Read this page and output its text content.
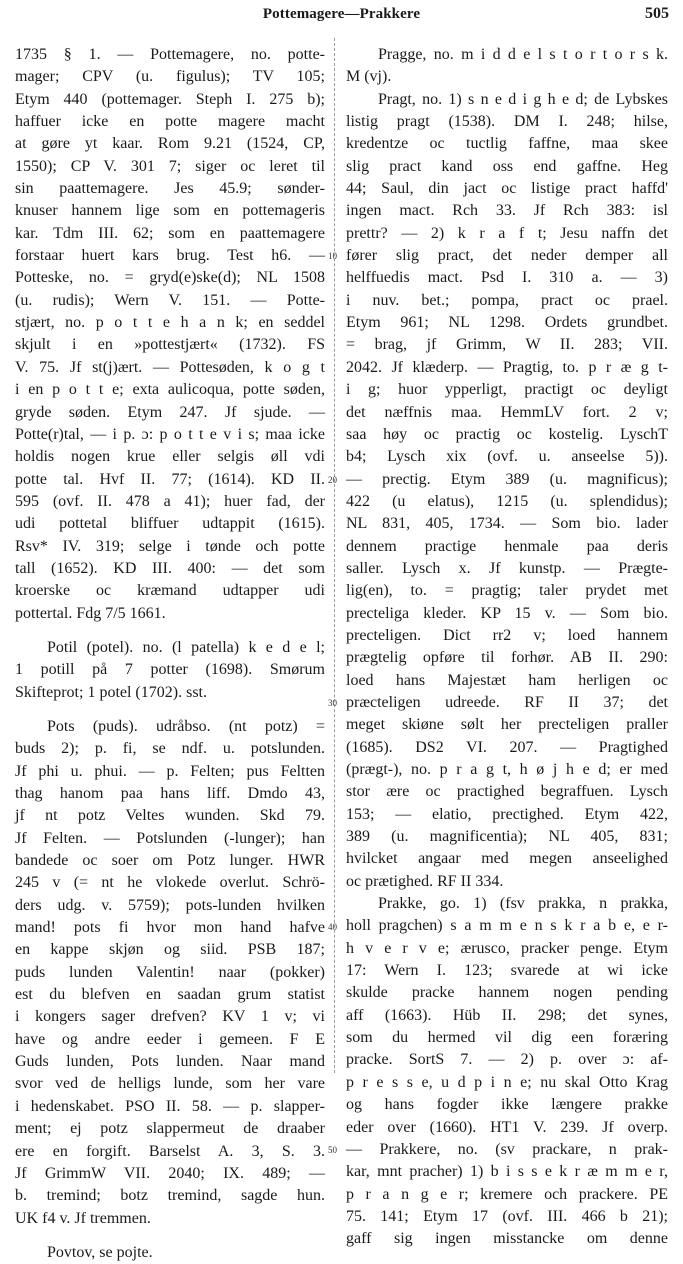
Pottemagere—Prakkere	505
1735 § 1. — Pottemagere, no. potte-
mager; CPV (u. figulus); TV 105;
Etym 440 (pottemager. Steph I. 275 b);
haffuer icke en potte magere macht
at gøre yt kaar. Rom 9.21 (1524, CP,
1550); CP V. 301 7; siger oc leret til
sin paattemagere. Jes 45.9; sønder-
knuser hannem lige som en pottemageris
kar. Tdm III. 62; som en paattemagere
forstaar huert kars brug. Test h6. —
Potteske, no. = gryd(e)ske(d); NL 1508
(u. rudis); Wern V. 151. — Potte-
stjært, no. p o t t e h a n k; en seddel
skjult i en »pottestjært« (1732). FS
V. 75. Jf st(j)ært. — Pottesøden, k o g t
i en p o t t e; exta aulicoqua, potte søden,
gryde søden. Etym 247. Jf sjude. —
Potte(r)tal, — i p. ɔ: p o t t e v i s; maa icke
holdis nogen krue eller selgis øll vdi
potte tal. Hvf II. 77; (1614). KD II.
595 (ovf. II. 478 a 41); huer fad, der
udi pottetal bliffuer udtappit (1615).
Rsv* IV. 319; selge i tønde och potte
tall (1652). KD III. 400: — det som
kroerske oc kræmand udtapper udi
pottertal. Fdg 7/5 1661.
Potil (potel). no. (l patella) k e d e l;
1 potill på 7 potter (1698). Smørum
Skifteprot; 1 potel (1702). sst.
Pots (puds). udråbso. (nt potz) =
buds 2); p. fi, se ndf. u. potslunden.
Jf phi u. phui. — p. Felten; pus Feltten
thag hanom paa hans liff. Dmdo 43,
jf nt potz Veltes wunden. Skd 79.
Jf Felten. — Potslunden (-lunger); han
bandede oc soer om Potz lunger. HWR
245 v (= nt he vlokede overlut. Schrö-
ders udg. v. 5759); pots-lunden hvilken
mand! pots fi hvor mon hand hafve
en kappe skjøn og siid. PSB 187;
puds lunden Valentin! naar (pokker)
est du blefven en saadan grum statist
i kongers sager drefven? KV 1 v; vi
have og andre eeder i gemeen. F E
Guds lunden, Pots lunden. Naar mand
svor ved de helligs lunde, som her vare
i hedenskabet. PSO II. 58. — p. slapper-
ment; ej potz slappermeut de draaber
ere en forgift. Barselst A. 3, S. 3.
Jf GrimmW VII. 2040; IX. 489; —
b. tremind; botz tremind, sagde hun.
UK f4 v. Jf tremmen.
Povtov, se pojte.
10
20
30
40
50
Pragge, no. m i d d e l s t o r t o r s k.
M (vj).
Pragt, no. 1) s n e d i g h e d; de Lybskes
listig pragt (1538). DM I. 248; hilse,
kredentze oc tuctlig faffne, maa skee
slig pract kand oss end gaffne. Heg
44; Saul, din jact oc listige pract haffd'
ingen mact. Rch 33. Jf Rch 383: isl
prettr? — 2) k r a f t; Jesu naffn det
fører slig pract, det neder demper all
helffuedis mact. Psd I. 310 a. — 3)
i nuv. bet.; pompa, pract oc prael.
Etym 961; NL 1298. Ordets grundbet.
= brag, jf Grimm, W II. 283; VII.
2042. Jf klæderp. — Pragtig, to. p r æ g t-
i g; huor ypperligt, practigt oc deyligt
det næffnis maa. HemmLV fort. 2 v;
saa høy oc practig oc kostelig. LyschT
b4; Lysch xix (ovf. u. anseelse 5)).
— prectig. Etym 389 (u. magnificus);
422 (u elatus), 1215 (u. splendidus);
NL 831, 405, 1734. — Som bio. lader
dennem practige henmale paa deris
saller. Lysch x. Jf kunstp. — Prægte-
lig(en), to. = pragtig; taler prydet met
precteliga kleder. KP 15 v. — Som bio.
precteligen. Dict rr2 v; loed hannem
prægtelig opføre til forhør. AB II. 290:
loed hans Majestæt ham herligen oc
præcteligen udreede. RF II 37; det
meget skiøne sølt her precteligen praller
(1685). DS2 VI. 207. — Pragtighed
(prægt-), no. p r a g t, h ø j h e d; er med
stor ære oc practighed begraffuen. Lysch
153; — elatio, prectighed. Etym 422,
389 (u. magnificentia); NL 405, 831;
hvilcket angaar med megen anseelighed
oc prætighed. RF II 334.
Prakke, go. 1) (fsv prakka, n prakka,
holl pragchen) s a m m e n s k r a b e, e r-
h v e r v e; ærusco, pracker penge. Etym
17: Wern I. 123; svarede at wi icke
skulde pracke hannem nogen pending
aff (1663). Hüb II. 298; det synes,
som du hermed vil dig een foræring
pracke. SortS 7. — 2) p. over ɔ: af-
p r e s s e, u d p i n e; nu skal Otto Krag
og hans fogder ikke længere prakke
eder over (1660). HT1 V. 239. Jf overp.
— Prakkere, no. (sv prackare, n prak-
kar, mnt pracher) 1) b i s s e k r æ m m e r,
p r a n g e r; kremere och prackere. PE
75. 141; Etym 17 (ovf. III. 466 b 21);
gaff sig ingen misstancke om denne
